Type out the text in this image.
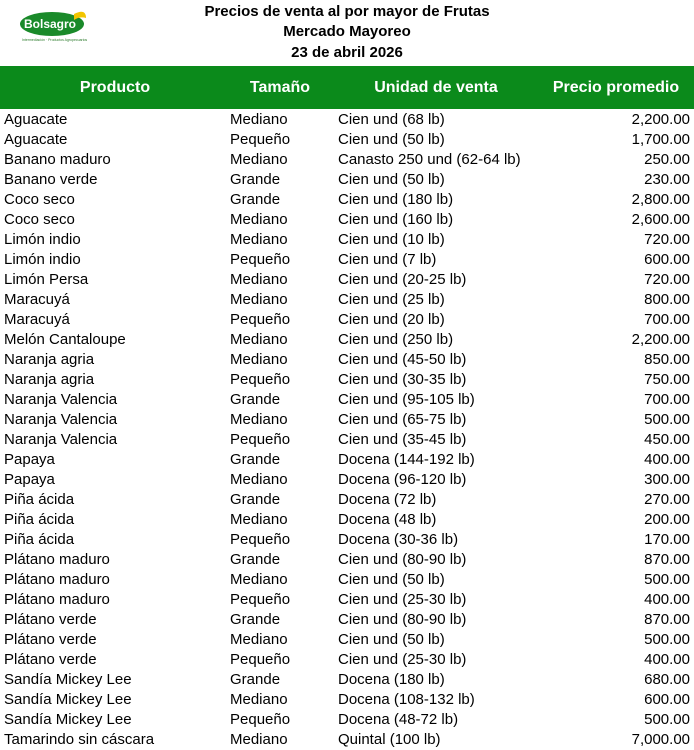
Bolsagro
Intermediación · Productos Agropecuarios
Precios de venta al por mayor de Frutas
Mercado Mayoreo
23 de abril 2026
Producto	Tamaño	Unidad de venta	Precio promedio
Aguacate	Mediano	Cien und (68 lb)	2,200.00
Aguacate	Pequeño	Cien und (50 lb)	1,700.00
Banano maduro	Mediano	Canasto 250 und (62-64 lb)	250.00
Banano verde	Grande	Cien und (50 lb)	230.00
Coco seco	Grande	Cien und (180 lb)	2,800.00
Coco seco	Mediano	Cien und (160 lb)	2,600.00
Limón indio	Mediano	Cien und (10 lb)	720.00
Limón indio	Pequeño	Cien und (7 lb)	600.00
Limón Persa	Mediano	Cien und (20-25 lb)	720.00
Maracuyá	Mediano	Cien und (25 lb)	800.00
Maracuyá	Pequeño	Cien und (20 lb)	700.00
Melón Cantaloupe	Mediano	Cien und (250 lb)	2,200.00
Naranja agria	Mediano	Cien und (45-50 lb)	850.00
Naranja agria	Pequeño	Cien und (30-35 lb)	750.00
Naranja Valencia	Grande	Cien und (95-105 lb)	700.00
Naranja Valencia	Mediano	Cien und (65-75 lb)	500.00
Naranja Valencia	Pequeño	Cien und (35-45 lb)	450.00
Papaya	Grande	Docena (144-192 lb)	400.00
Papaya	Mediano	Docena (96-120 lb)	300.00
Piña ácida	Grande	Docena (72 lb)	270.00
Piña ácida	Mediano	Docena (48 lb)	200.00
Piña ácida	Pequeño	Docena (30-36 lb)	170.00
Plátano maduro	Grande	Cien und (80-90 lb)	870.00
Plátano maduro	Mediano	Cien und (50 lb)	500.00
Plátano maduro	Pequeño	Cien und (25-30 lb)	400.00
Plátano verde	Grande	Cien und (80-90 lb)	870.00
Plátano verde	Mediano	Cien und (50 lb)	500.00
Plátano verde	Pequeño	Cien und (25-30 lb)	400.00
Sandía Mickey Lee	Grande	Docena (180 lb)	680.00
Sandía Mickey Lee	Mediano	Docena (108-132 lb)	600.00
Sandía Mickey Lee	Pequeño	Docena (48-72 lb)	500.00
Tamarindo sin cáscara	Mediano	Quintal (100 lb)	7,000.00
